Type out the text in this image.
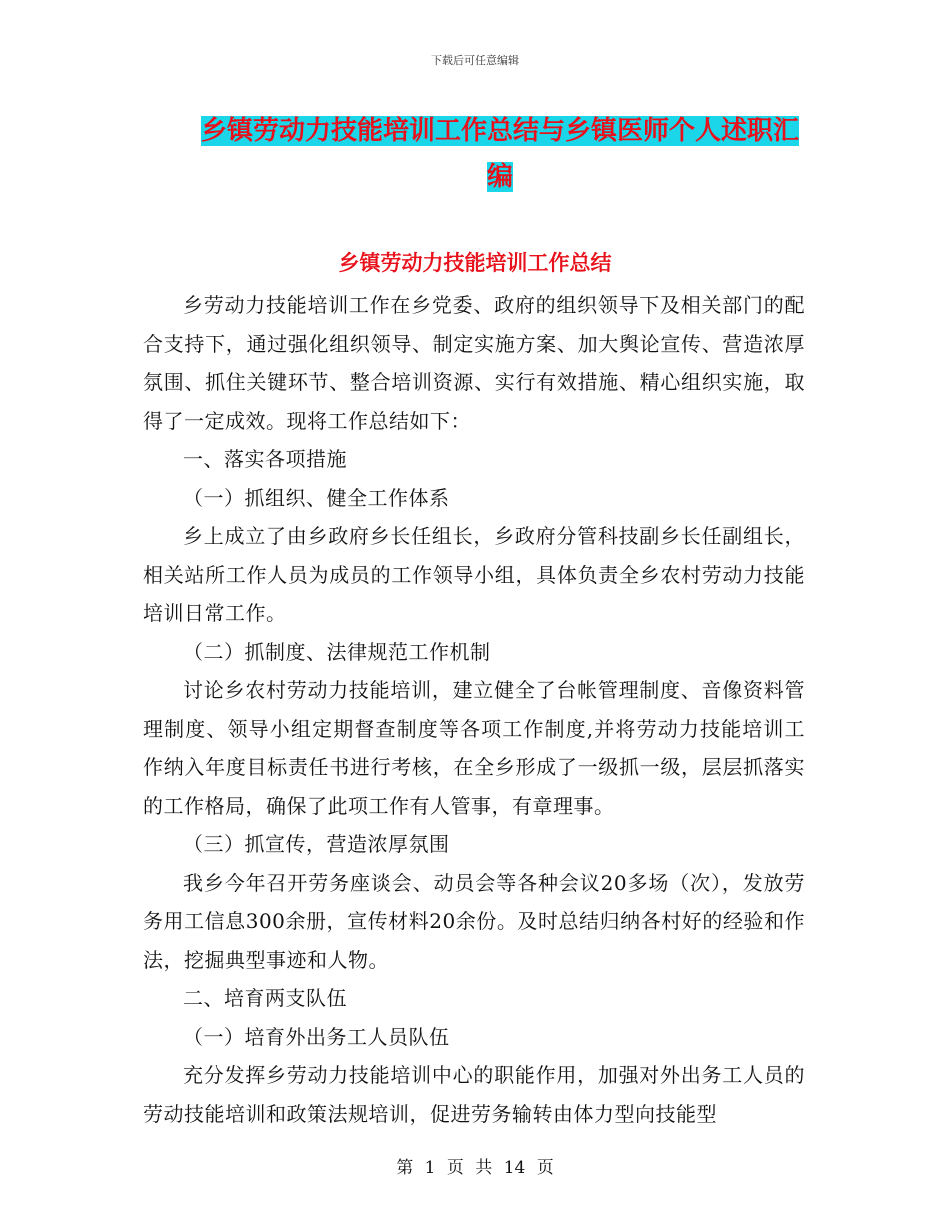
下载后可任意编辑
乡镇劳动力技能培训工作总结与乡镇医师个人述职汇编
乡镇劳动力技能培训工作总结

乡劳动力技能培训工作在乡党委、政府的组织领导下及相关部门的配合支持下，通过强化组织领导、制定实施方案、加大舆论宣传、营造浓厚氛围、抓住关键环节、整合培训资源、实行有效措施、精心组织实施，取得了一定成效。现将工作总结如下：

一、落实各项措施

（一）抓组织、健全工作体系

乡上成立了由乡政府乡长任组长，乡政府分管科技副乡长任副组长，相关站所工作人员为成员的工作领导小组，具体负责全乡农村劳动力技能培训日常工作。

（二）抓制度、法律规范工作机制

讨论乡农村劳动力技能培训，建立健全了台帐管理制度、音像资料管理制度、领导小组定期督查制度等各项工作制度,并将劳动力技能培训工作纳入年度目标责任书进行考核，在全乡形成了一级抓一级，层层抓落实的工作格局，确保了此项工作有人管事，有章理事。

（三）抓宣传，营造浓厚氛围

我乡今年召开劳务座谈会、动员会等各种会议20多场（次），发放劳务用工信息300余册，宣传材料20余份。及时总结归纳各村好的经验和作法，挖掘典型事迹和人物。

二、培育两支队伍

（一）培育外出务工人员队伍

充分发挥乡劳动力技能培训中心的职能作用，加强对外出务工人员的劳动技能培训和政策法规培训，促进劳务输转由体力型向技能型

第 1 页 共 14 页
